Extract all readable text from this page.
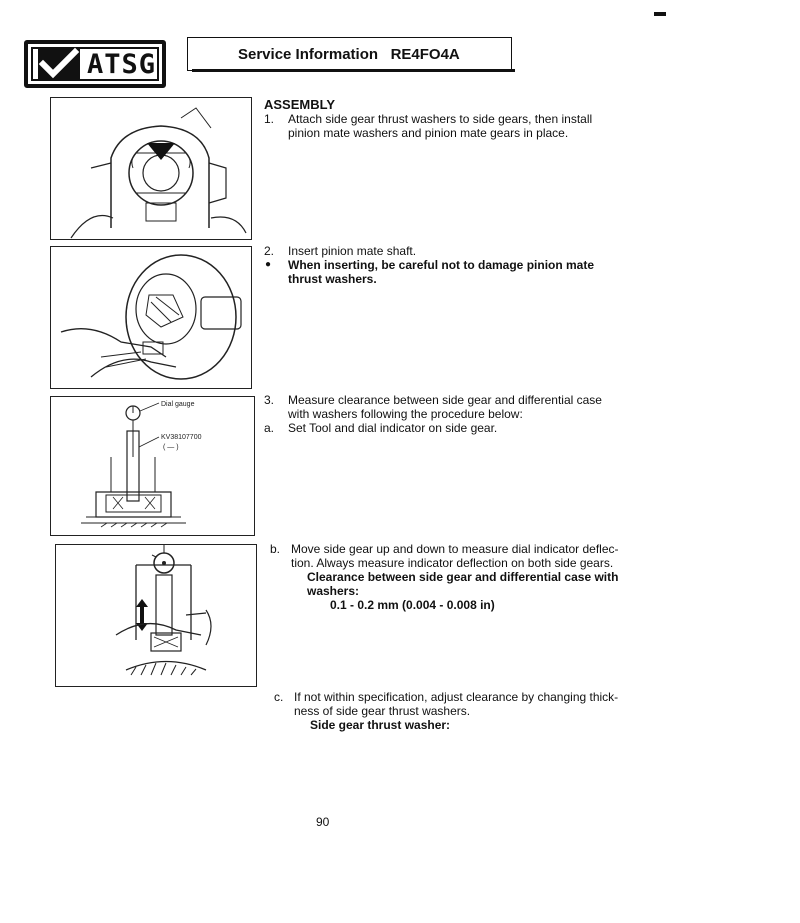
ATSG	Service Information RE4FO4A
Dial gauge
KV38107700
( — )
ASSEMBLY
1. Attach side gear thrust washers to side gears, then install
pinion mate washers and pinion mate gears in place.
2. Insert pinion mate shaft.
● When inserting, be careful not to damage pinion mate
thrust washers.
3. Measure clearance between side gear and differential case
with washers following the procedure below:
a. Set Tool and dial indicator on side gear.
b. Move side gear up and down to measure dial indicator deflec-
tion. Always measure indicator deflection on both side gears.
Clearance between side gear and differential case with
washers:
0.1 - 0.2 mm (0.004 - 0.008 in)
c. If not within specification, adjust clearance by changing thick-
ness of side gear thrust washers.
Side gear thrust washer:
90
